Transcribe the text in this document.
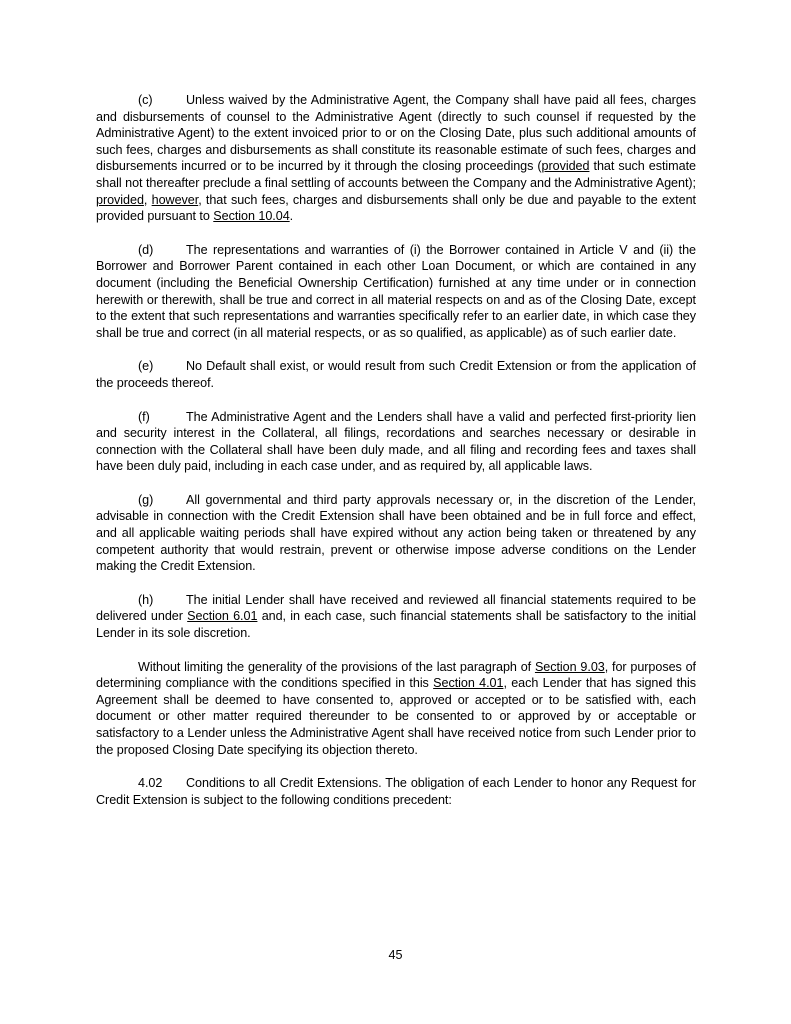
(c)	Unless waived by the Administrative Agent, the Company shall have paid all fees, charges and disbursements of counsel to the Administrative Agent (directly to such counsel if requested by the Administrative Agent) to the extent invoiced prior to or on the Closing Date, plus such additional amounts of such fees, charges and disbursements as shall constitute its reasonable estimate of such fees, charges and disbursements incurred or to be incurred by it through the closing proceedings (provided that such estimate shall not thereafter preclude a final settling of accounts between the Company and the Administrative Agent); provided, however, that such fees, charges and disbursements shall only be due and payable to the extent provided pursuant to Section 10.04.

(d)	The representations and warranties of (i) the Borrower contained in Article V and (ii) the Borrower and Borrower Parent contained in each other Loan Document, or which are contained in any document (including the Beneficial Ownership Certification) furnished at any time under or in connection herewith or therewith, shall be true and correct in all material respects on and as of the Closing Date, except to the extent that such representations and warranties specifically refer to an earlier date, in which case they shall be true and correct (in all material respects, or as so qualified, as applicable) as of such earlier date.

(e)	No Default shall exist, or would result from such Credit Extension or from the application of the proceeds thereof.

(f)	The Administrative Agent and the Lenders shall have a valid and perfected first-priority lien and security interest in the Collateral, all filings, recordations and searches necessary or desirable in connection with the Collateral shall have been duly made, and all filing and recording fees and taxes shall have been duly paid, including in each case under, and as required by, all applicable laws.

(g)	All governmental and third party approvals necessary or, in the discretion of the Lender, advisable in connection with the Credit Extension shall have been obtained and be in full force and effect, and all applicable waiting periods shall have expired without any action being taken or threatened by any competent authority that would restrain, prevent or otherwise impose adverse conditions on the Lender making the Credit Extension.

(h)	The initial Lender shall have received and reviewed all financial statements required to be delivered under Section 6.01 and, in each case, such financial statements shall be satisfactory to the initial Lender in its sole discretion.

Without limiting the generality of the provisions of the last paragraph of Section 9.03, for purposes of determining compliance with the conditions specified in this Section 4.01, each Lender that has signed this Agreement shall be deemed to have consented to, approved or accepted or to be satisfied with, each document or other matter required thereunder to be consented to or approved by or acceptable or satisfactory to a Lender unless the Administrative Agent shall have received notice from such Lender prior to the proposed Closing Date specifying its objection thereto.

4.02 Conditions to all Credit Extensions. The obligation of each Lender to honor any Request for Credit Extension is subject to the following conditions precedent:

45
